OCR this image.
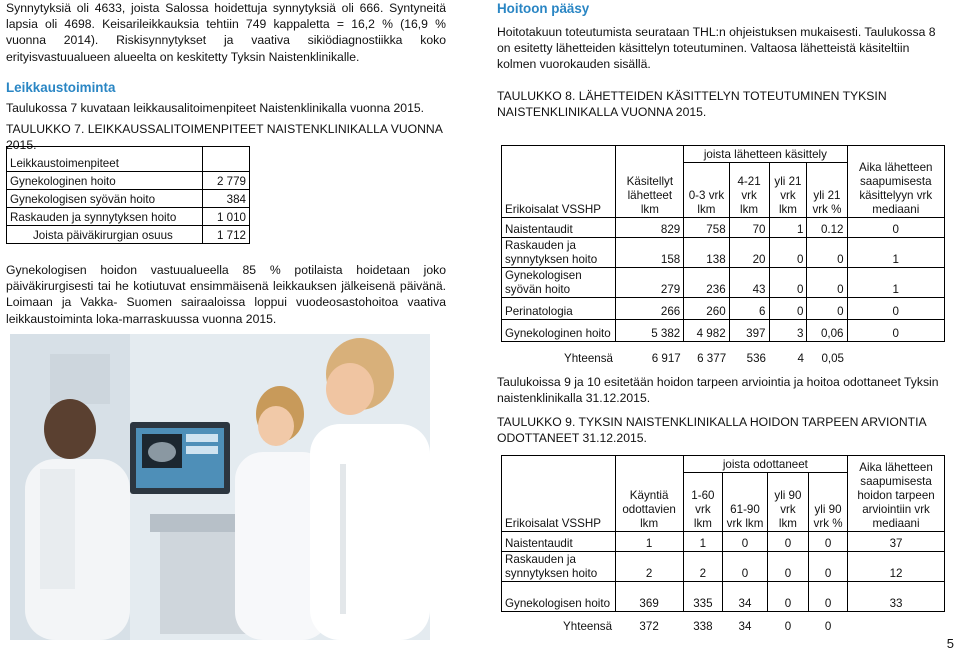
Synnytyksiä oli 4633, joista Salossa hoidettuja synnytyksiä oli 666. Syntyneitä lapsia oli 4698. Keisarileikkauksia tehtiin 749 kappaletta = 16,2 % (16,9 % vuonna 2014). Riskisynnytykset ja vaativa sikiödiagnostiikka koko erityisvastuualueen alueelta on keskitetty Tyksin Naistenklinikalle.

Leikkaustoiminta

Taulukossa 7 kuvataan leikkausalitoimenpiteet Naistenklinikalla vuonna 2015.

TAULUKKO 7. LEIKKAUSSALITOIMENPITEET NAISTENKLINIKALLA VUONNA 2015.

Leikkaustoimenpiteet	
Gynekologinen hoito	2 779
Gynekologisen syövän hoito	384
Raskauden ja synnytyksen hoito	1 010
Joista päiväkirurgian osuus	1 712

Gynekologisen hoidon vastuualueella 85 % potilaista hoidetaan joko päiväkirurgisesti tai he kotiutuvat ensimmäisenä leikkauksen jälkeisenä päivänä. Loimaan ja Vakka- Suomen sairaaloissa loppui vuodeosastohoitoa vaativa leikkaustoiminta loka-marraskuussa vuonna 2015.

Hoitoon pääsy

Hoitotakuun toteutumista seurataan THL:n ohjeistuksen mukaisesti. Taulukossa 8 on esitetty lähetteiden käsittelyn toteutuminen. Valtaosa lähetteistä käsiteltiin kolmen vuorokauden sisällä.

TAULUKKO 8. LÄHETTEIDEN KÄSITTELYN TOTEUTUMINEN TYKSIN NAISTENKLINIKALLA VUONNA 2015.

Erikoisalat VSSHP	Käsitellyt lähetteet lkm	joista lähetteen käsittely				Aika lähetteen saapumisesta käsittelyyn vrk mediaani
		0-3 vrk lkm	4-21 vrk lkm	yli 21 vrk lkm	yli 21 vrk %	
Naistentaudit	829	758	70	1	0.12	0
Raskauden ja synnytyksen hoito	158	138	20	0	0	1
Gynekologisen syövän hoito	279	236	43	0	0	1
Perinatologia	266	260	6	0	0	0
Gynekologinen hoito	5 382	4 982	397	3	0,06	0
Yhteensä	6 917	6 377	536	4	0,05	

Taulukoissa 9 ja 10 esitetään hoidon tarpeen arviointia ja hoitoa odottaneet Tyksin naistenklinikalla 31.12.2015.

TAULUKKO 9. TYKSIN NAISTENKLINIKALLA HOIDON TARPEEN ARVIONTIA ODOTTANEET 31.12.2015.

Erikoisalat VSSHP	Käyntiä odottavien lkm	joista odottaneet				Aika lähetteen saapumisesta hoidon tarpeen arviointiin vrk mediaani
		1-60 vrk lkm	61-90 vrk lkm	yli 90 vrk lkm	yli 90 vrk %	
Naistentaudit	1	1	0	0	0	37
Raskauden ja synnytyksen hoito	2	2	0	0	0	12
Gynekologisen hoito	369	335	34	0	0	33
Yhteensä	372	338	34	0	0	
5
